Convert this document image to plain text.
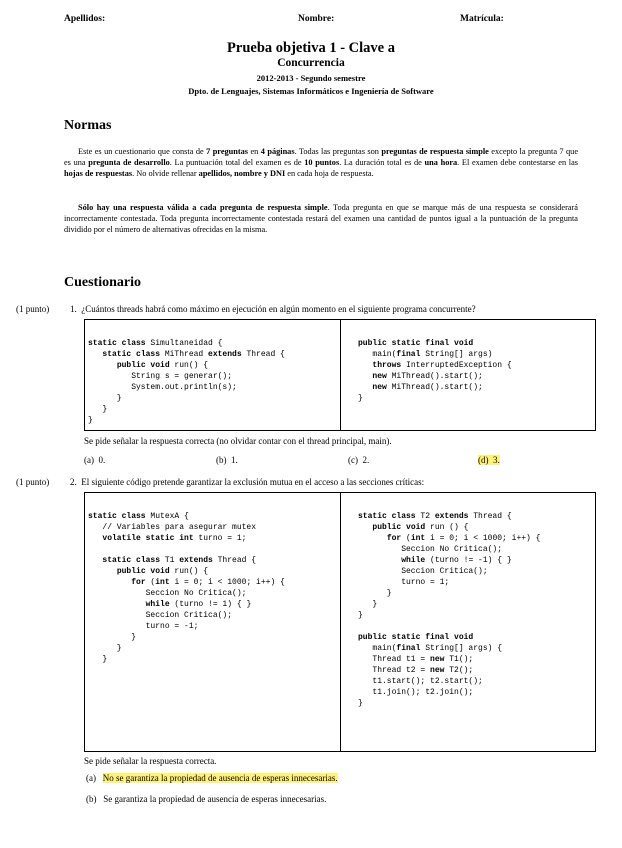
Apellidos:	Nombre:	Matrícula:
Prueba objetiva 1 - Clave a
Concurrencia
2012-2013 - Segundo semestre
Dpto. de Lenguajes, Sistemas Informáticos e Ingeniería de Software
Normas
Este es un cuestionario que consta de 7 preguntas en 4 páginas. Todas las preguntas son preguntas de respuesta simple excepto la pregunta 7 que es una pregunta de desarrollo. La puntuación total del examen es de 10 puntos. La duración total es de una hora. El examen debe contestarse en las hojas de respuestas. No olvide rellenar apellidos, nombre y DNI en cada hoja de respuesta.
Sólo hay una respuesta válida a cada pregunta de respuesta simple. Toda pregunta en que se marque más de una respuesta se considerará incorrectamente contestada. Toda pregunta incorrectamente contestada restará del examen una cantidad de puntos igual a la puntuación de la pregunta dividido por el número de alternativas ofrecidas en la misma.
Cuestionario
(1 punto) 1. ¿Cuántos threads habrá como máximo en ejecución en algún momento en el siguiente programa concurrente?
static class Simultaneidad {
static class MiThread extends Thread {
public void run() {
String s = generar();
System.out.println(s);
}
}
}
public static final void
main(final String[] args)
throws InterruptedException {
new MiThread().start();
new MiThread().start();
}
Se pide señalar la respuesta correcta (no olvidar contar con el thread principal, main).
(a) 0.	(b) 1.	(c) 2.	(d) 3.
(1 punto) 2. El siguiente código pretende garantizar la exclusión mutua en el acceso a las secciones críticas:
static class MutexA {
// Variables para asegurar mutex
volatile static int turno = 1;

static class T1 extends Thread {
public void run() {
for (int i = 0; i < 1000; i++) {
Seccion No Critica();
while (turno != 1) { }
Seccion Critica();
turno = -1;
}
}
}
static class T2 extends Thread {
public void run () {
for (int i = 0; i < 1000; i++) {
Seccion No Critica();
while (turno != -1) { }
Seccion Critica();
turno = 1;
}
}
}

public static final void
main(final String[] args) {
Thread t1 = new T1();
Thread t2 = new T2();
t1.start(); t2.start();
t1.join(); t2.join();
}
Se pide señalar la respuesta correcta.
(a) No se garantiza la propiedad de ausencia de esperas innecesarias.
(b) Se garantiza la propiedad de ausencia de esperas innecesarias.
